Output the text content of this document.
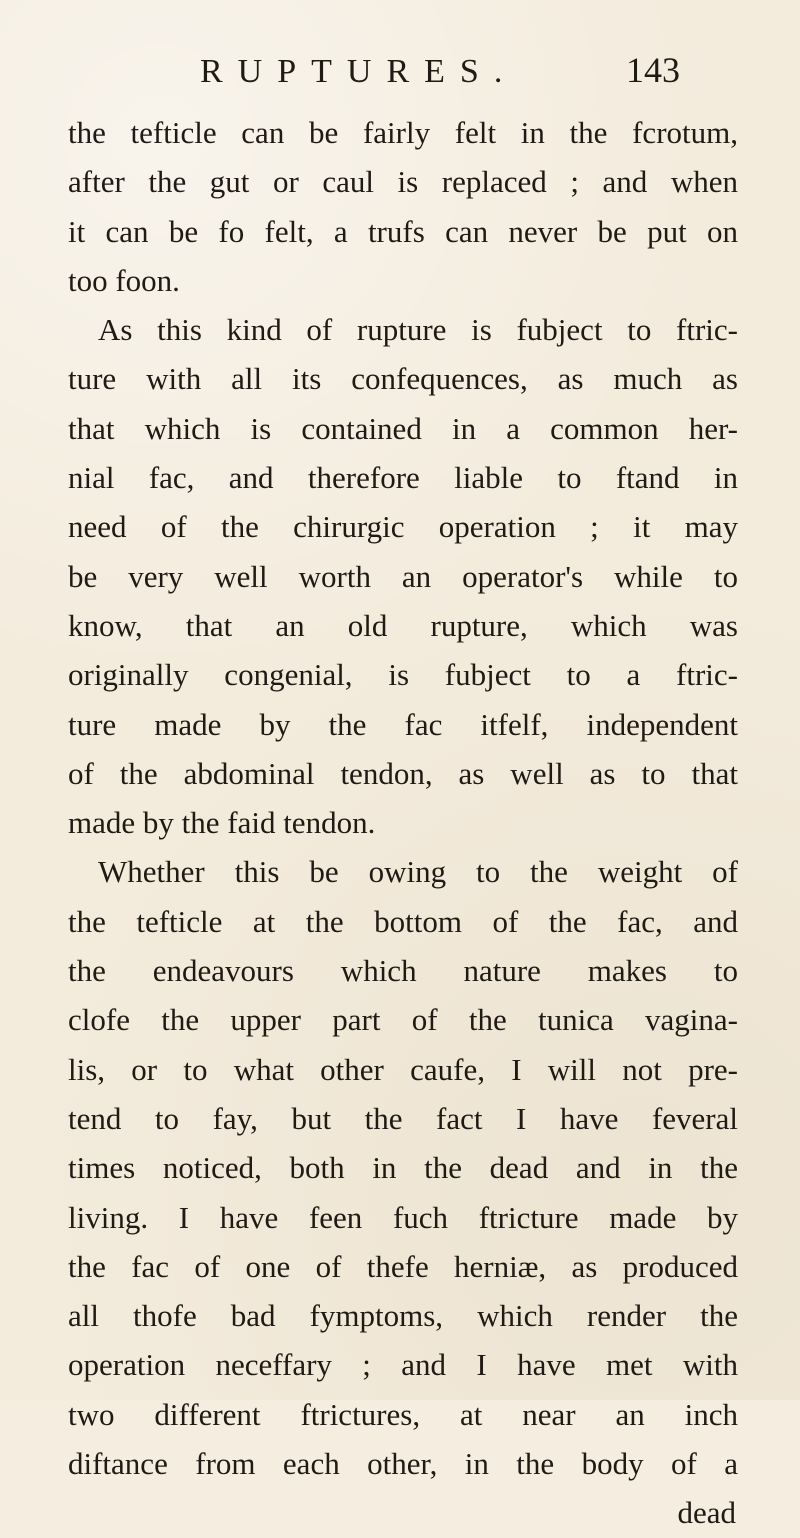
RUPTURES.	143
the tefticle can be fairly felt in the fcrotum,
after the gut or caul is replaced ; and when
it can be fo felt, a trufs can never be put on
too foon.
As this kind of rupture is fubject to ftric-
ture with all its confequences, as much as
that which is contained in a common her-
nial fac, and therefore liable to ftand in
need of the chirurgic operation ; it may
be very well worth an operator's while to
know, that an old rupture, which was
originally congenial, is fubject to a ftric-
ture made by the fac itfelf, independent
of the abdominal tendon, as well as to that
made by the faid tendon.
Whether this be owing to the weight of
the tefticle at the bottom of the fac, and
the endeavours which nature makes to
clofe the upper part of the tunica vagina-
lis, or to what other caufe, I will not pre-
tend to fay, but the fact I have feveral
times noticed, both in the dead and in the
living. I have feen fuch ftricture made by
the fac of one of thefe herniæ, as produced
all thofe bad fymptoms, which render the
operation neceffary ; and I have met with
two different ftrictures, at near an inch
diftance from each other, in the body of a
dead
